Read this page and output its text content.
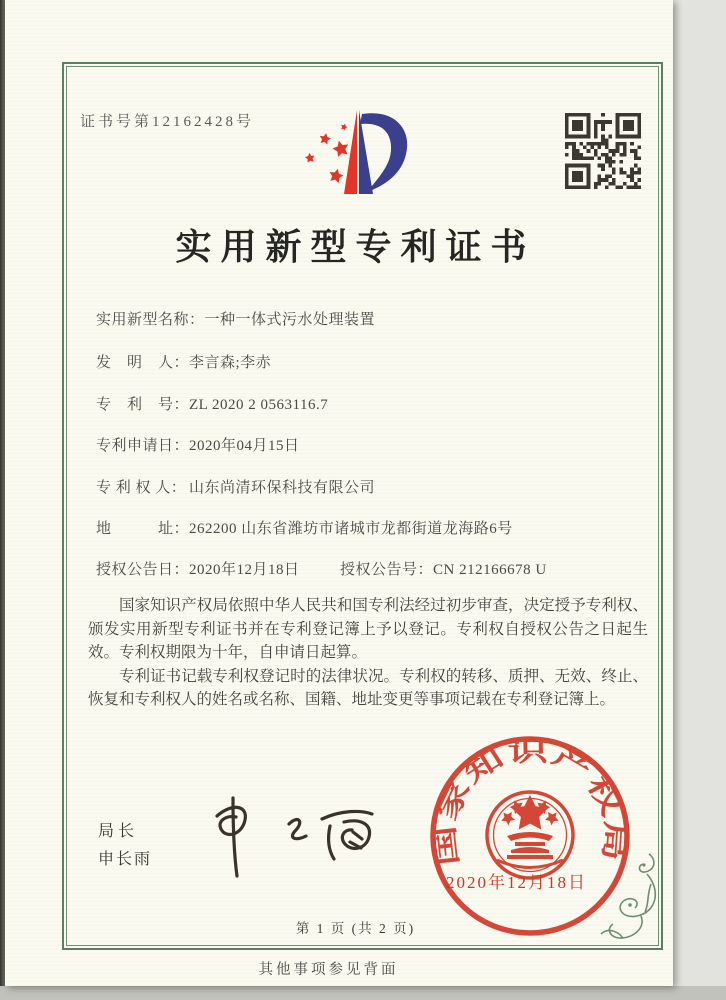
证书号第12162428号
实用新型专利证书
实用新型名称：一种一体式污水处理装置
发　明　人：李言森;李赤
专　利　号：ZL 2020 2 0563116.7
专利申请日：2020年04月15日
专 利 权 人： 山东尚清环保科技有限公司
地　　　址：262200 山东省潍坊市诸城市龙都街道龙海路6号
授权公告日：2020年12月18日	授权公告号：CN 212166678 U

国家知识产权局依照中华人民共和国专利法经过初步审查，决定授予专利权、颁发实用新型专利证书并在专利登记簿上予以登记。专利权自授权公告之日起生效。专利权期限为十年，自申请日起算。

专利证书记载专利权登记时的法律状况。专利权的转移、质押、无效、终止、恢复和专利权人的姓名或名称、国籍、地址变更等事项记载在专利登记簿上。

局长
申长雨	国家知识产权局
2020年12月18日
第 1 页 (共 2 页)
其他事项参见背面
